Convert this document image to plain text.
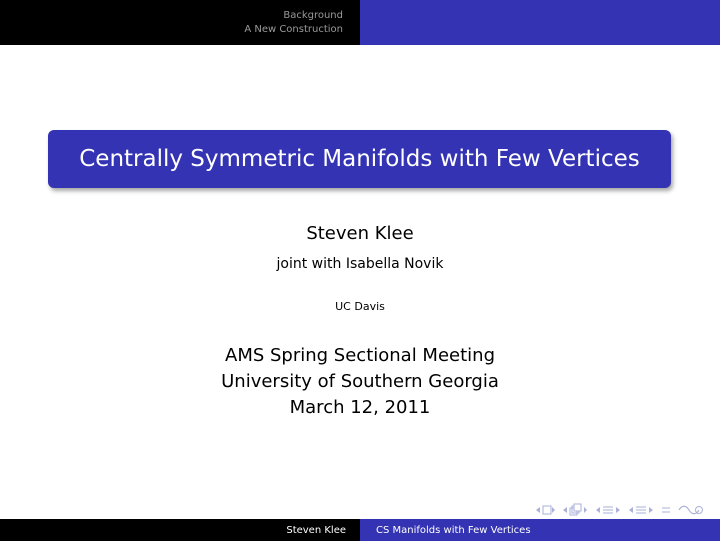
Background
A New Construction
Centrally Symmetric Manifolds with Few Vertices
Steven Klee
joint with Isabella Novik
UC Davis
AMS Spring Sectional Meeting
University of Southern Georgia
March 12, 2011
Steven Klee	CS Manifolds with Few Vertices
